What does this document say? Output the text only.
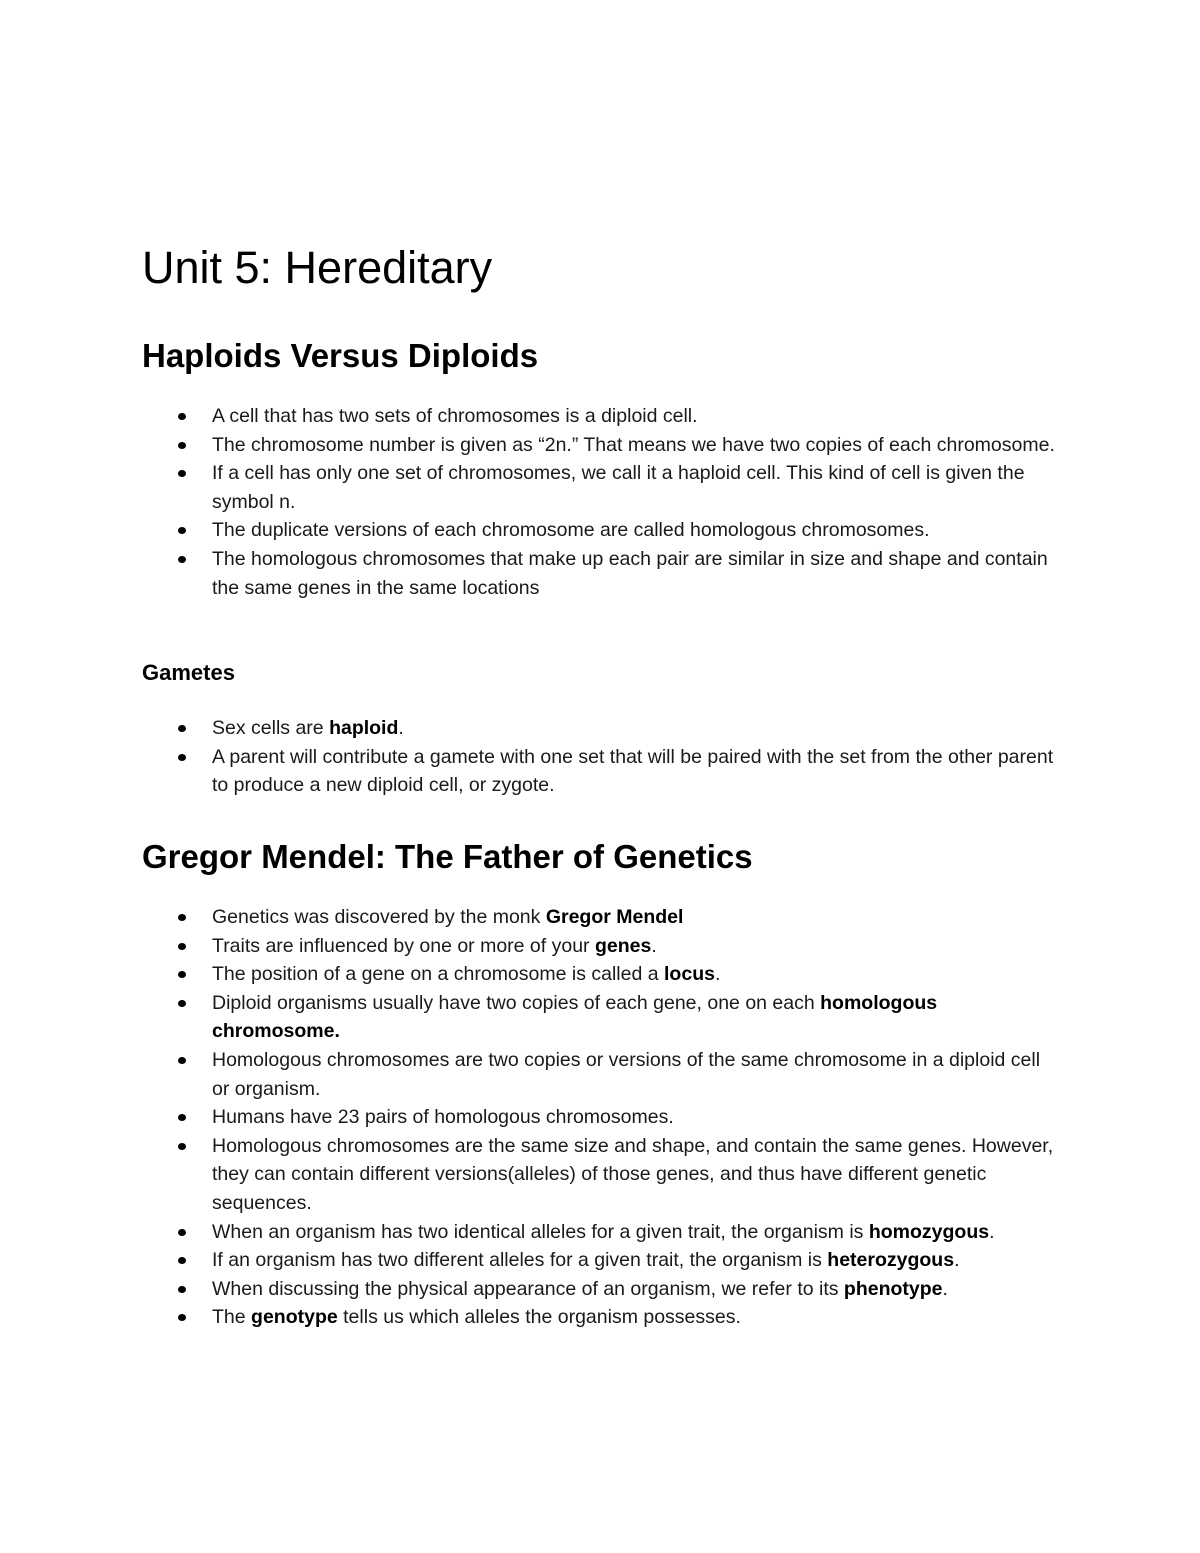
Unit 5: Hereditary
Haploids Versus Diploids
A cell that has two sets of chromosomes is a diploid cell.
The chromosome number is given as “2n.” That means we have two copies of each chromosome.
If a cell has only one set of chromosomes, we call it a haploid cell. This kind of cell is given the symbol n.
The duplicate versions of each chromosome are called homologous chromosomes.
The homologous chromosomes that make up each pair are similar in size and shape and contain the same genes in the same locations
Gametes
Sex cells are haploid.
A parent will contribute a gamete with one set that will be paired with the set from the other parent to produce a new diploid cell, or zygote.
Gregor Mendel: The Father of Genetics
Genetics was discovered by the monk Gregor Mendel
Traits are influenced by one or more of your genes.
The position of a gene on a chromosome is called a locus.
Diploid organisms usually have two copies of each gene, one on each homologous chromosome.
Homologous chromosomes are two copies or versions of the same chromosome in a diploid cell or organism.
Humans have 23 pairs of homologous chromosomes.
Homologous chromosomes are the same size and shape, and contain the same genes. However, they can contain different versions(alleles) of those genes, and thus have different genetic sequences.
When an organism has two identical alleles for a given trait, the organism is homozygous.
If an organism has two different alleles for a given trait, the organism is heterozygous.
When discussing the physical appearance of an organism, we refer to its phenotype.
The genotype tells us which alleles the organism possesses.
